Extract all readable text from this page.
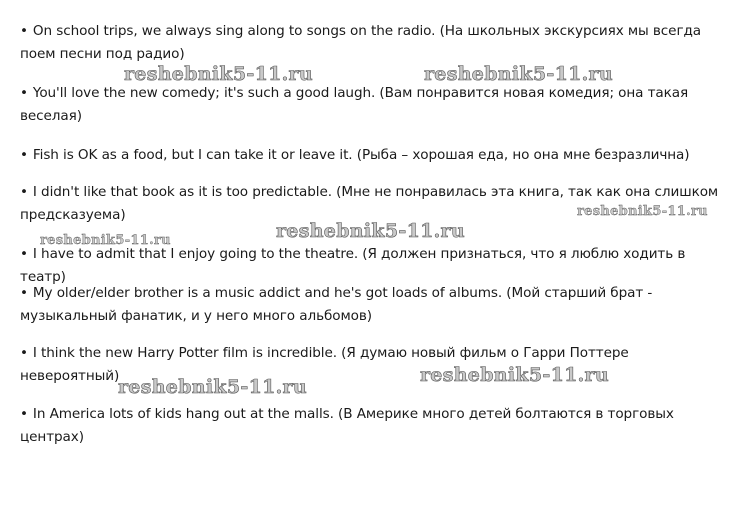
• On school trips, we always sing along to songs on the radio. (На школьных экскурсиях мы всегда поем песни под радио)
• You'll love the new comedy; it's such a good laugh. (Вам понравится новая комедия; она такая веселая)
• Fish is OK as a food, but I can take it or leave it. (Рыба – хорошая еда, но она мне безразлична)
• I didn't like that book as it is too predictable. (Мне не понравилась эта книга, так как она слишком предсказуема)
• I have to admit that I enjoy going to the theatre. (Я должен признаться, что я люблю ходить в театр)
• My older/elder brother is a music addict and he's got loads of albums. (Мой старший брат - музыкальный фанатик, и у него много альбомов)
• I think the new Harry Potter film is incredible. (Я думаю новый фильм о Гарри Поттере невероятный)
• In America lots of kids hang out at the malls. (В Америке много детей болтаются в торговых центрах)
reshebnik5-11.ru	reshebnik5-11.ru
reshebnik5-11.ru
reshebnik5-11.ru
reshebnik5-11.ru
reshebnik5-11.ru
reshebnik5-11.ru
